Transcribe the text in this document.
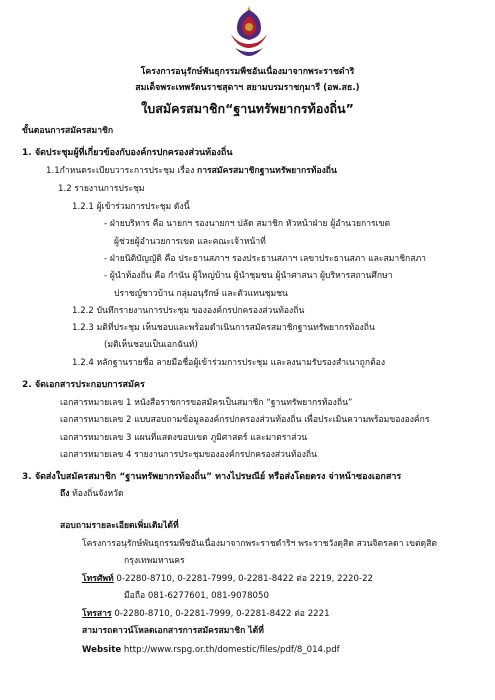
โครงการอนุรักษ์พันธุกรรมพืชอันเนื่องมาจากพระราชดำริ
สมเด็จพระเทพรัตนราชสุดาฯ สยามบรมราชกุมารี (อพ.สธ.)
ใบสมัครสมาชิก“ฐานทรัพยากรท้องถิ่น”
ขั้นตอนการสมัครสมาชิก
1. จัดประชุมผู้ที่เกี่ยวข้องกับองค์กรปกครองส่วนท้องถิ่น
1.1กำหนดระเบียบวาระการประชุม เรื่อง การสมัครสมาชิกฐานทรัพยากรท้องถิ่น
1.2 รายงานการประชุม
1.2.1 ผู้เข้าร่วมการประชุม ดังนี้
- ฝ่ายบริหาร คือ นายกฯ รองนายกฯ ปลัด สมาชิก หัวหน้าฝ่าย ผู้อำนวยการเขต
ผู้ช่วยผู้อำนวยการเขต และคณะเจ้าหน้าที่
- ฝ่ายนิติบัญญัติ คือ ประธานสภาฯ รองประธานสภาฯ เลขาประธานสภา และสมาชิกสภา
- ผู้นำท้องถิ่น คือ กำนัน ผู้ใหญ่บ้าน ผู้นำชุมชน ผู้นำศาสนา ผู้บริหารสถานศึกษา
ปราชญ์ชาวบ้าน กลุ่มอนุรักษ์ และตัวแทนชุมชน
1.2.2 บันทึกรายงานการประชุม ขององค์กรปกครองส่วนท้องถิ่น
1.2.3 มติที่ประชุม เห็นชอบและพร้อมดำเนินการสมัครสมาชิกฐานทรัพยากรท้องถิ่น
(มติเห็นชอบเป็นเอกฉันท์)
1.2.4 หลักฐานรายชื่อ ลายมือชื่อผู้เข้าร่วมการประชุม และลงนามรับรองสำเนาถูกต้อง
2. จัดเอกสารประกอบการสมัคร
เอกสารหมายเลข 1 หนังสือราชการขอสมัครเป็นสมาชิก “ฐานทรัพยากรท้องถิ่น”
เอกสารหมายเลข 2 แบบสอบถามข้อมูลองค์กรปกครองส่วนท้องถิ่น เพื่อประเมินความพร้อมขององค์กร
เอกสารหมายเลข 3 แผนที่แสดงขอบเขต ภูมิศาสตร์ และมาตราส่วน
เอกสารหมายเลข 4 รายงานการประชุมขององค์กรปกครองส่วนท้องถิ่น
3. จัดส่งใบสมัครสมาชิก “ฐานทรัพยากรท้องถิ่น” ทางไปรษณีย์ หรือส่งโดยตรง จ่าหน้าซองเอกสาร
ถึง ท้องถิ่นจังหวัด
สอบถามรายละเอียดเพิ่มเติมได้ที่
โครงการอนุรักษ์พันธุกรรมพืชอันเนื่องมาจากพระราชดำริฯ พระราชวังดุสิต สวนจิตรลดา เขตดุสิต
กรุงเทพมหานคร
โทรศัพท์ 0-2280-8710, 0-2281-7999, 0-2281-8422 ต่อ 2219, 2220-22
มือถือ 081-6277601, 081-9078050
โทรสาร 0-2280-8710, 0-2281-7999, 0-2281-8422 ต่อ 2221
สามารถดาวน์โหลดเอกสารการสมัครสมาชิก ได้ที่
Website http://www.rspg.or.th/domestic/files/pdf/8_014.pdf
